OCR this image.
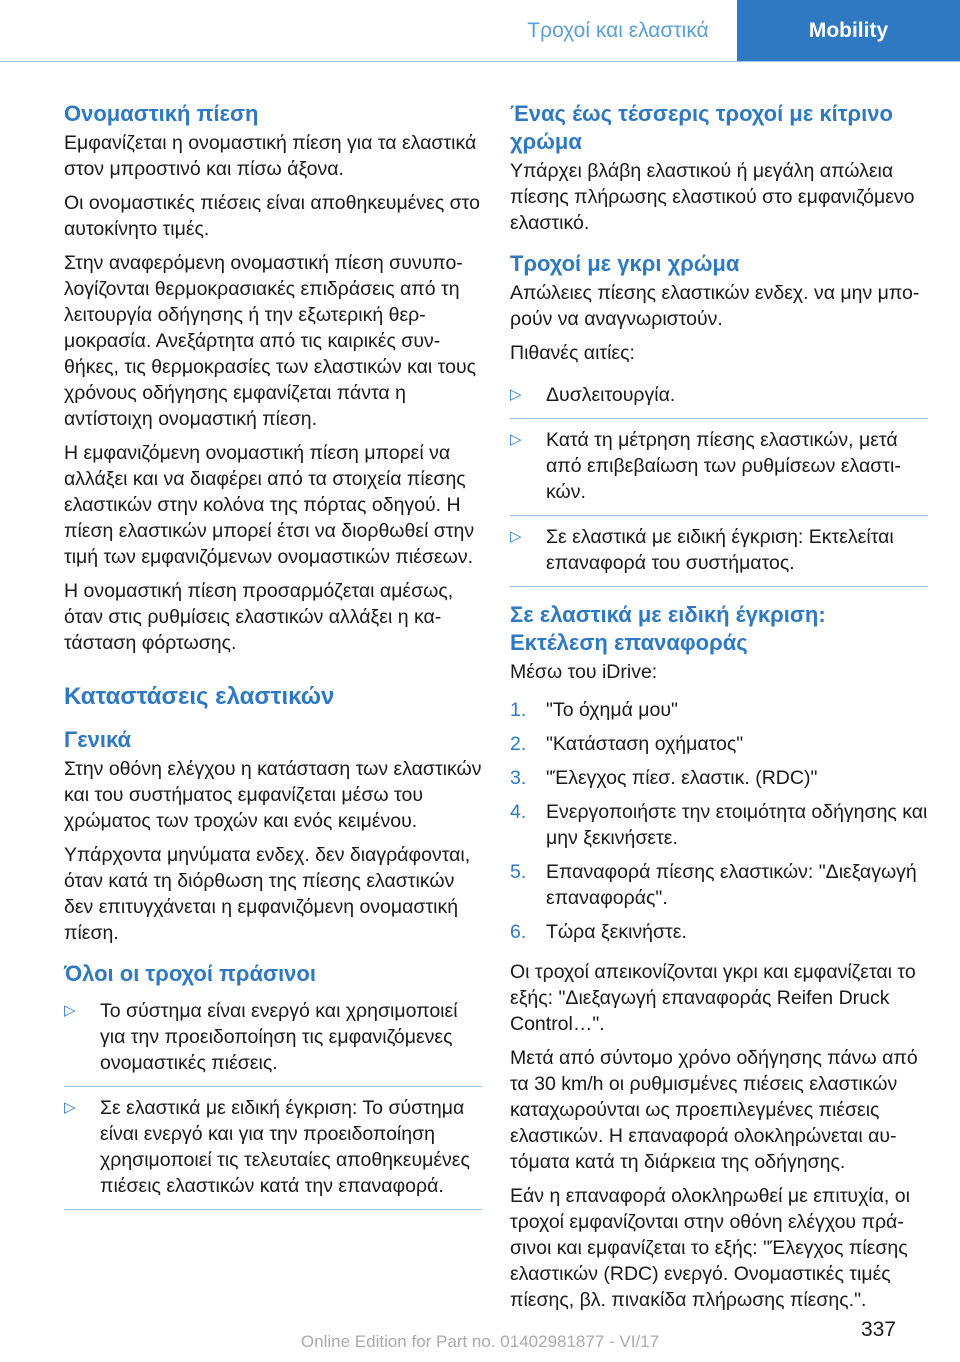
Τροχοί και ελαστικά	Mobility
Ονομαστική πίεση

Εμφανίζεται η ονομαστική πίεση για τα ελαστικά στον μπροστινό και πίσω άξονα.

Οι ονομαστικές πιέσεις είναι αποθηκευμένες στο αυτοκίνητο τιμές.

Στην αναφερόμενη ονομαστική πίεση συνυπολογίζονται θερμοκρασιακές επιδράσεις από τη λειτουργία οδήγησης ή την εξωτερική θερμοκρασία. Ανεξάρτητα από τις καιρικές συνθήκες, τις θερμοκρασίες των ελαστικών και τους χρόνους οδήγησης εμφανίζεται πάντα η αντίστοιχη ονομαστική πίεση.

Η εμφανιζόμενη ονομαστική πίεση μπορεί να αλλάξει και να διαφέρει από τα στοιχεία πίεσης ελαστικών στην κολόνα της πόρτας οδηγού. Η πίεση ελαστικών μπορεί έτσι να διορθωθεί στην τιμή των εμφανιζόμενων ονομαστικών πιέσεων.

Η ονομαστική πίεση προσαρμόζεται αμέσως, όταν στις ρυθμίσεις ελαστικών αλλάξει η κατάσταση φόρτωσης.

Καταστάσεις ελαστικών
Γενικά

Στην οθόνη ελέγχου η κατάσταση των ελαστικών και του συστήματος εμφανίζεται μέσω του χρώματος των τροχών και ενός κειμένου.

Υπάρχοντα μηνύματα ενδεχ. δεν διαγράφονται, όταν κατά τη διόρθωση της πίεσης ελαστικών δεν επιτυγχάνεται η εμφανιζόμενη ονομαστική πίεση.

Όλοι οι τροχοί πράσινοι
▷	Το σύστημα είναι ενεργό και χρησιμοποιεί για την προειδοποίηση τις εμφανιζόμενες ονομαστικές πιέσεις.
▷	Σε ελαστικά με ειδική έγκριση: Το σύστημα είναι ενεργό και για την προειδοποίηση χρησιμοποιεί τις τελευταίες αποθηκευμένες πιέσεις ελαστικών κατά την επαναφορά.
Ένας έως τέσσερις τροχοί με κίτρινο χρώμα

Υπάρχει βλάβη ελαστικού ή μεγάλη απώλεια πίεσης πλήρωσης ελαστικού στο εμφανιζόμενο ελαστικό.

Τροχοί με γκρι χρώμα

Απώλειες πίεσης ελαστικών ενδεχ. να μην μπορούν να αναγνωριστούν.

Πιθανές αιτίες:

▷	Δυσλειτουργία.
▷	Κατά τη μέτρηση πίεσης ελαστικών, μετά από επιβεβαίωση των ρυθμίσεων ελαστικών.
▷	Σε ελαστικά με ειδική έγκριση: Εκτελείται επαναφορά του συστήματος.
Σε ελαστικά με ειδική έγκριση: Εκτέλεση επαναφοράς

Μέσω του iDrive:

1.	"Το όχημά μου"
2.	"Κατάσταση οχήματος"
3.	"Έλεγχος πίεσ. ελαστικ. (RDC)"
4.	Ενεργοποιήστε την ετοιμότητα οδήγησης και μην ξεκινήσετε.
5.	Επαναφορά πίεσης ελαστικών: "Διεξαγωγή επαναφοράς".
6.	Τώρα ξεκινήστε.

Οι τροχοί απεικονίζονται γκρι και εμφανίζεται το εξής: "Διεξαγωγή επαναφοράς Reifen Druck Control…".

Μετά από σύντομο χρόνο οδήγησης πάνω από τα 30 km/h οι ρυθμισμένες πιέσεις ελαστικών καταχωρούνται ως προεπιλεγμένες πιέσεις ελαστικών. Η επαναφορά ολοκληρώνεται αυτόματα κατά τη διάρκεια της οδήγησης.

Εάν η επαναφορά ολοκληρωθεί με επιτυχία, οι τροχοί εμφανίζονται στην οθόνη ελέγχου πράσινοι και εμφανίζεται το εξής: "Έλεγχος πίεσης ελαστικών (RDC) ενεργό. Ονομαστικές τιμές πίεσης, βλ. πινακίδα πλήρωσης πίεσης.".

337
Online Edition for Part no. 01402981877 - VI/17
